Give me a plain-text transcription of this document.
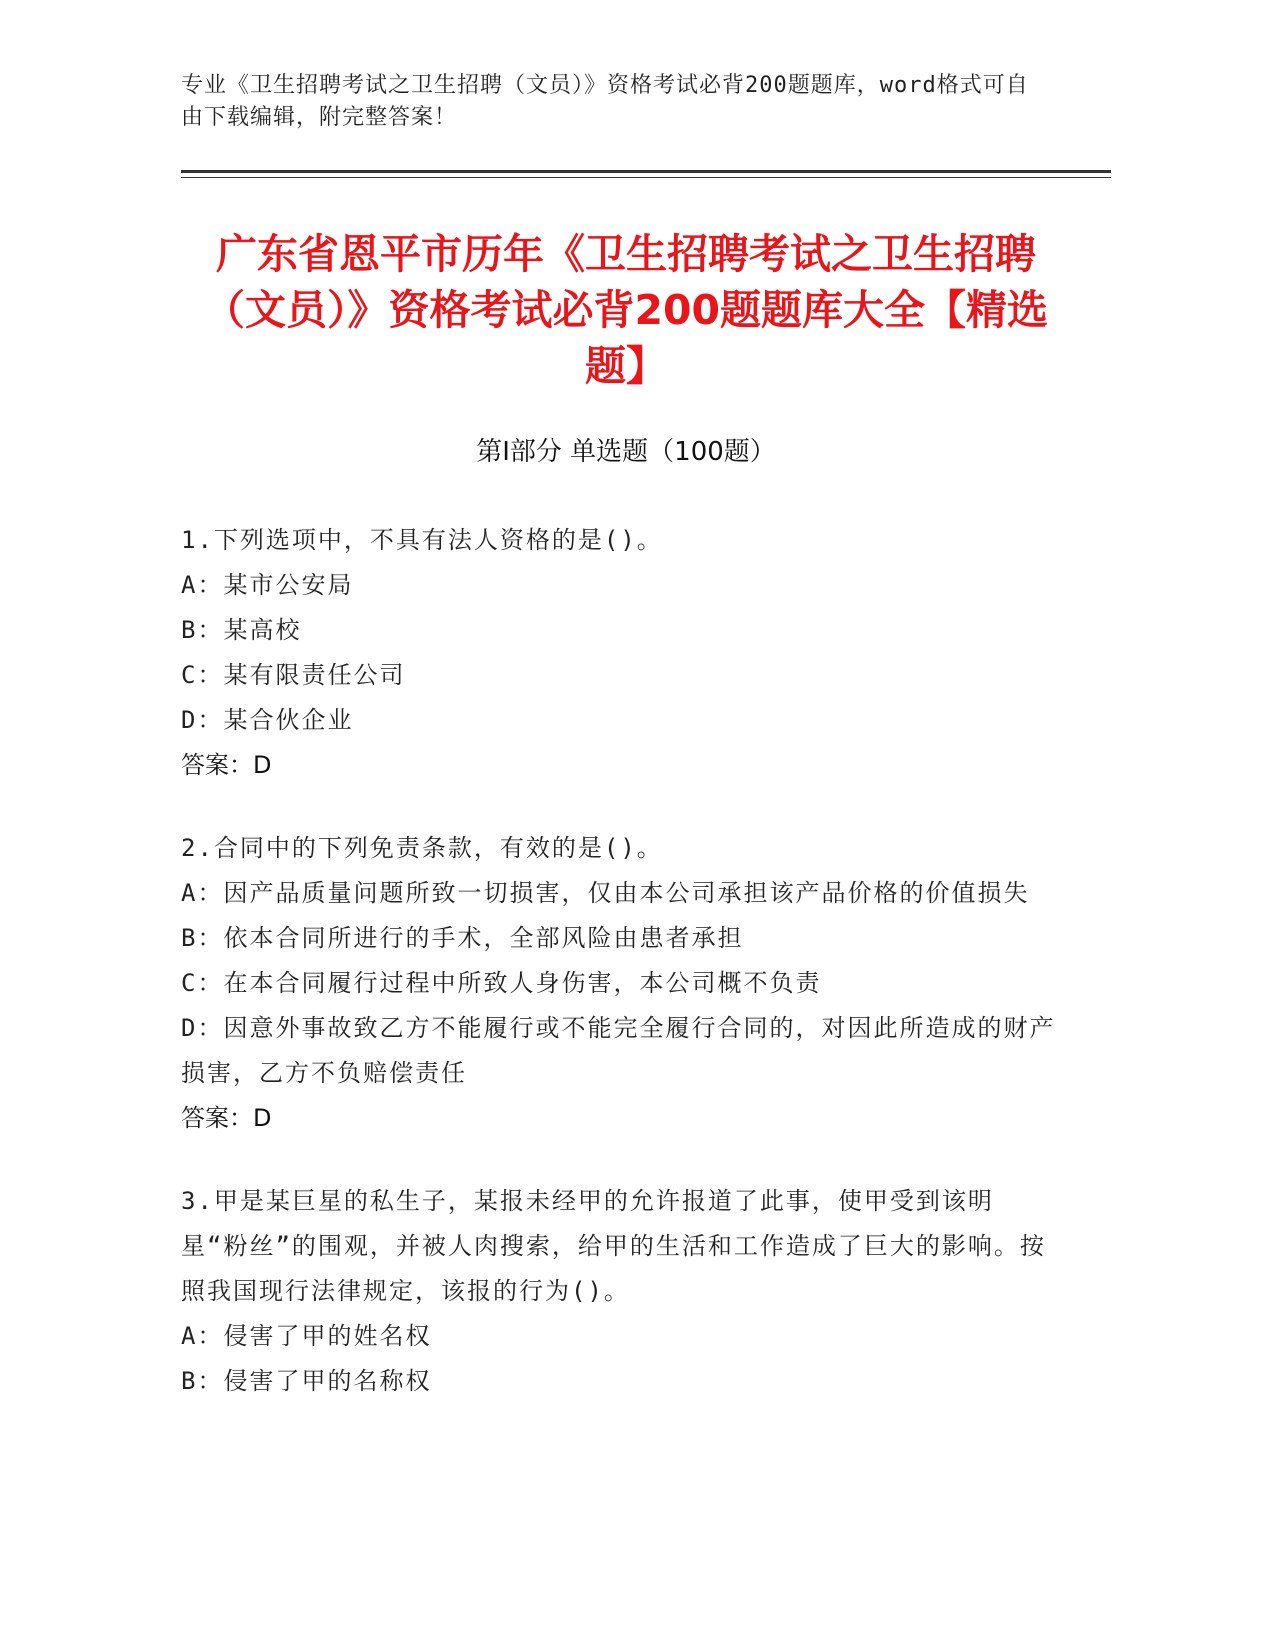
专业《卫生招聘考试之卫生招聘（文员）》资格考试必背200题题库，word格式可自由下载编辑，附完整答案！
广东省恩平市历年《卫生招聘考试之卫生招聘（文员）》资格考试必背200题题库大全【精选题】
第I部分 单选题（100题）

1.下列选项中，不具有法人资格的是()。

A：某市公安局

B：某高校

C：某有限责任公司

D：某合伙企业

答案：D

2.合同中的下列免责条款，有效的是()。

A：因产品质量问题所致一切损害，仅由本公司承担该产品价格的价值损失

B：依本合同所进行的手术，全部风险由患者承担

C：在本合同履行过程中所致人身伤害，本公司概不负责

D：因意外事故致乙方不能履行或不能完全履行合同的，对因此所造成的财产损害，乙方不负赔偿责任

答案：D

3.甲是某巨星的私生子，某报未经甲的允许报道了此事，使甲受到该明星“粉丝”的围观，并被人肉搜索，给甲的生活和工作造成了巨大的影响。按照我国现行法律规定，该报的行为()。

A：侵害了甲的姓名权

B：侵害了甲的名称权
